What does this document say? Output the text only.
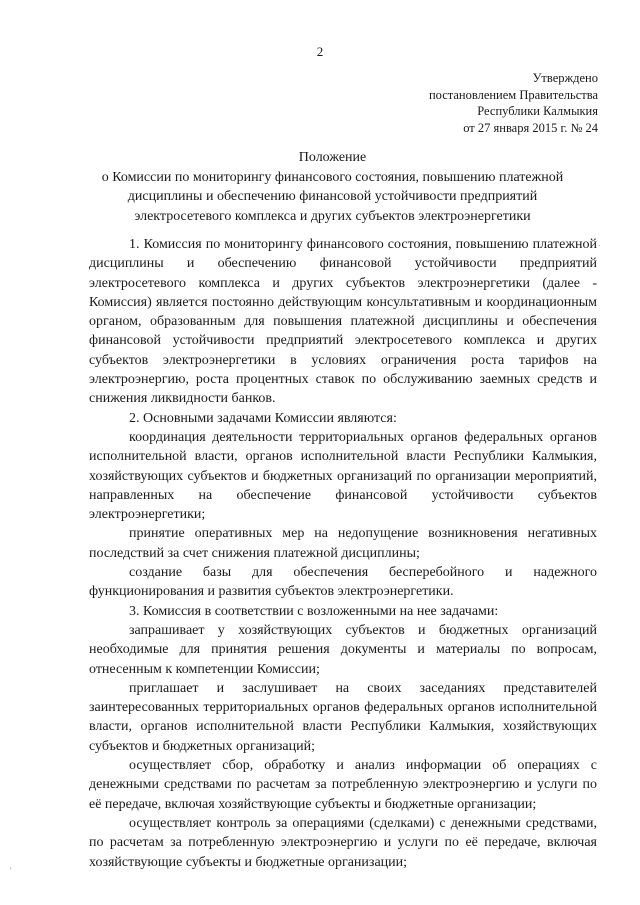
2
Утверждено
постановлением Правительства
Республики Калмыкия
от 27 января 2015 г. № 24
Положение
о Комиссии по мониторингу финансового состояния, повышению платежной
дисциплины и обеспечению финансовой устойчивости предприятий
электросетевого комплекса и других субъектов электроэнергетики

1. Комиссия по мониторингу финансового состояния, повышению платежной дисциплины и обеспечению финансовой устойчивости предприятий электросетевого комплекса и других субъектов электроэнергетики (далее - Комиссия) является постоянно действующим консультативным и координационным органом, образованным для повышения платежной дисциплины и обеспечения финансовой устойчивости предприятий электросетевого комплекса и других субъектов электроэнергетики в условиях ограничения роста тарифов на электроэнергию, роста процентных ставок по обслуживанию заемных средств и снижения ликвидности банков.

2. Основными задачами Комиссии являются:

координация деятельности территориальных органов федеральных органов исполнительной власти, органов исполнительной власти Республики Калмыкия, хозяйствующих субъектов и бюджетных организаций по организации мероприятий, направленных на обеспечение финансовой устойчивости субъектов электроэнергетики;

принятие оперативных мер на недопущение возникновения негативных последствий за счет снижения платежной дисциплины;

создание базы для обеспечения бесперебойного и надежного функционирования и развития субъектов электроэнергетики.

3. Комиссия в соответствии с возложенными на нее задачами:

запрашивает у хозяйствующих субъектов и бюджетных организаций необходимые для принятия решения документы и материалы по вопросам, отнесенным к компетенции Комиссии;

приглашает и заслушивает на своих заседаниях представителей заинтересованных территориальных органов федеральных органов исполнительной власти, органов исполнительной власти Республики Калмыкия, хозяйствующих субъектов и бюджетных организаций;

осуществляет сбор, обработку и анализ информации об операциях с денежными средствами по расчетам за потребленную электроэнергию и услуги по её передаче, включая хозяйствующие субъекты и бюджетные организации;

осуществляет контроль за операциями (сделками) с денежными средствами, по расчетам за потребленную электроэнергию и услуги по её передаче, включая хозяйствующие субъекты и бюджетные организации;

'
.
